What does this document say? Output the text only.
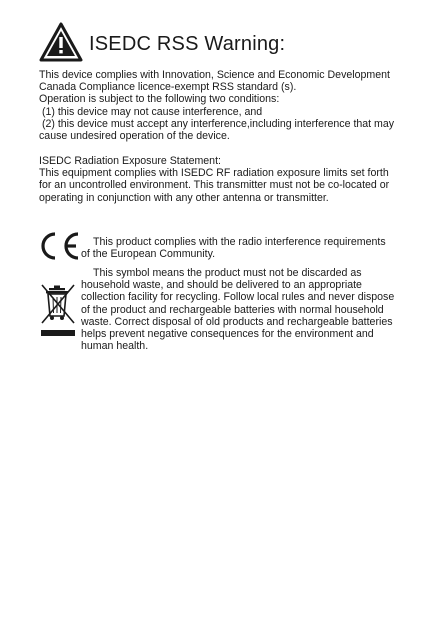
ISEDC RSS Warning:
This device complies with Innovation, Science and Economic Development
Canada Compliance licence-exempt RSS standard (s).
Operation is subject to the following two conditions:
(1) this device may not cause interference, and
(2) this device must accept any interference,including interference that may
cause undesired operation of the device.
ISEDC Radiation Exposure Statement:
This equipment complies with ISEDC RF radiation exposure limits set forth
for an uncontrolled environment. This transmitter must not be co-located or
operating in conjunction with any other antenna or transmitter.
This product complies with the radio interference requirements
of the European Community.
This symbol means the product must not be discarded as
household waste, and should be delivered to an appropriate
collection facility for recycling. Follow local rules and never dispose
of the product and rechargeable batteries with normal household
waste. Correct disposal of old products and rechargeable batteries
helps prevent negative consequences for the environment and
human health.
